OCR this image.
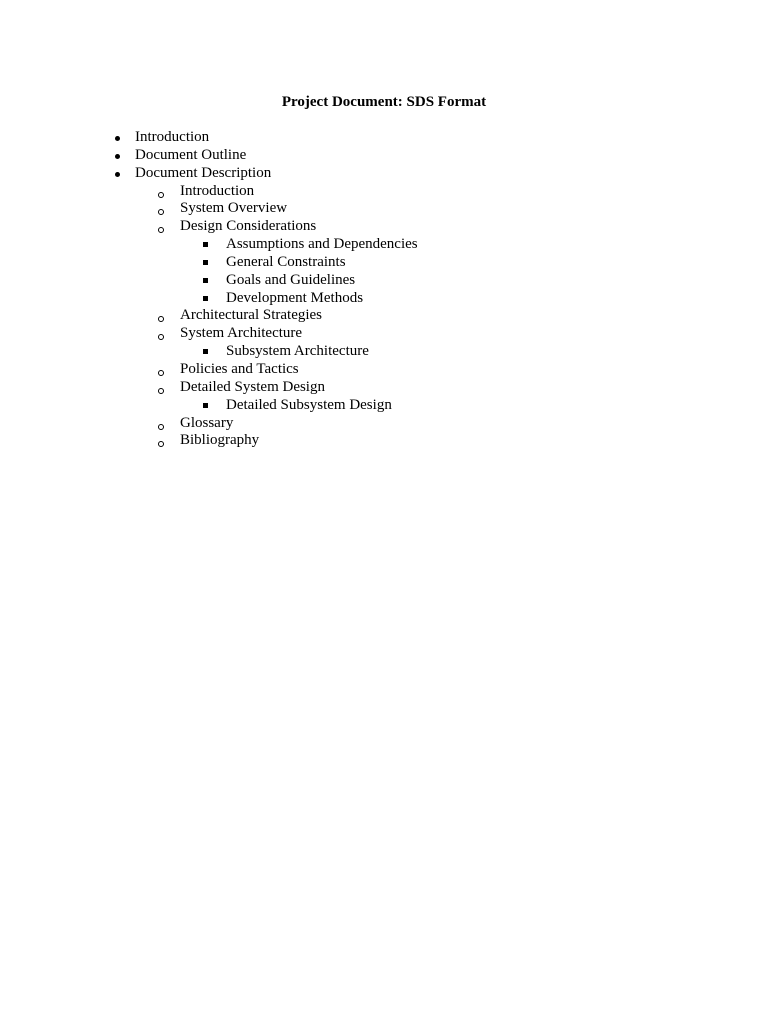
Project Document: SDS Format
Introduction
Document Outline
Document Description
Introduction
System Overview
Design Considerations
Assumptions and Dependencies
General Constraints
Goals and Guidelines
Development Methods
Architectural Strategies
System Architecture
Subsystem Architecture
Policies and Tactics
Detailed System Design
Detailed Subsystem Design
Glossary
Bibliography
